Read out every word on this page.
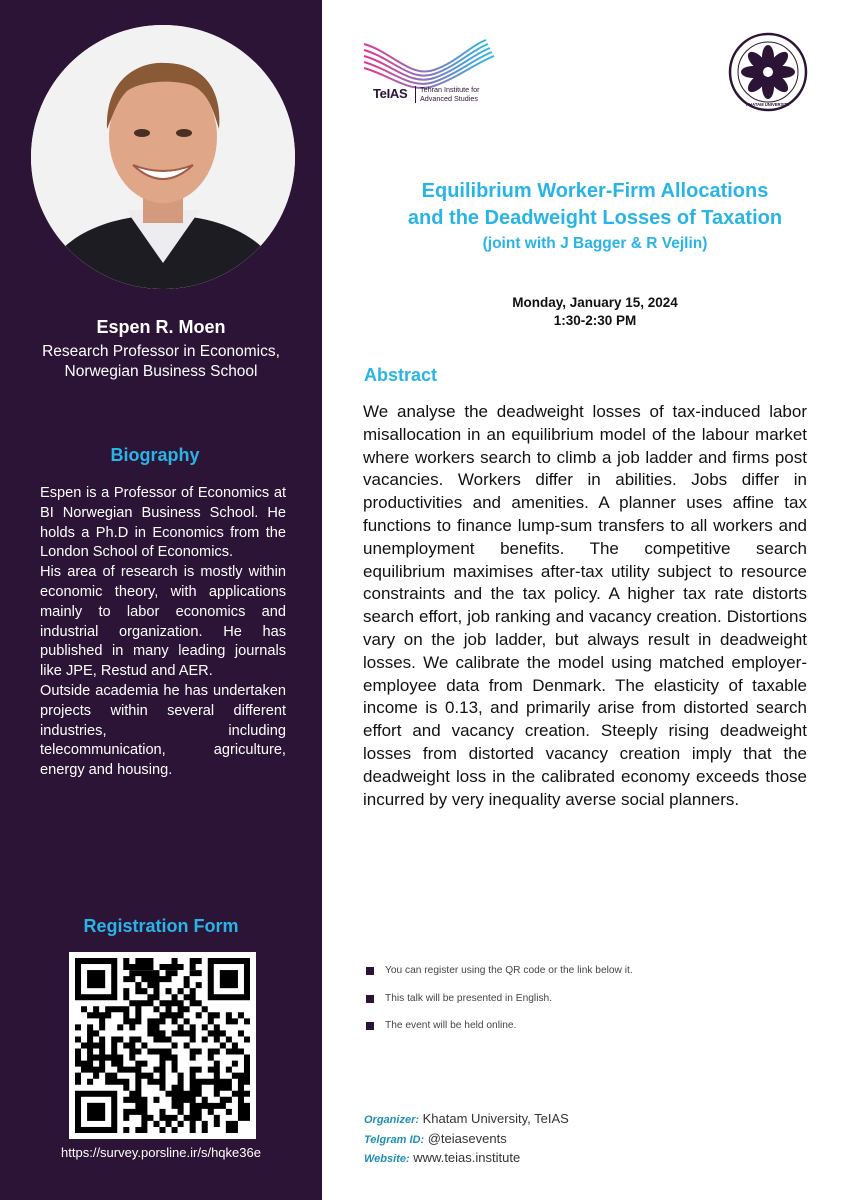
Espen R. Moen
Research Professor in Economics,
Norwegian Business School
Biography

Espen is a Professor of Economics at BI Norwegian Business School. He holds a Ph.D in Economics from the London School of Economics.

His area of research is mostly within economic theory, with applications mainly to labor economics and industrial organization. He has published in many leading journals like JPE, Restud and AER.

Outside academia he has undertaken projects within several different industries, including telecommunication, agriculture, energy and housing.

Registration Form
https://survey.porsline.ir/s/hqke36e
TeIAS Tehran Institute for
Advanced Studies
KHATAM UNIVERSITY
Equilibrium Worker-Firm Allocations
and the Deadweight Losses of Taxation
(joint with J Bagger & R Vejlin)
Monday, January 15, 2024
1:30-2:30 PM
Abstract

We analyse the deadweight losses of tax-induced labor misallocation in an equilibrium model of the labour market where workers search to climb a job ladder and firms post vacancies. Workers differ in abilities. Jobs differ in productivities and amenities. A planner uses affine tax functions to finance lump-sum transfers to all workers and unemployment benefits. The competitive search equilibrium maximises after-tax utility subject to resource constraints and the tax policy. A higher tax rate distorts search effort, job ranking and vacancy creation. Distortions vary on the job ladder, but always result in deadweight losses. We calibrate the model using matched employer-employee data from Denmark. The elasticity of taxable income is 0.13, and primarily arise from distorted search effort and vacancy creation. Steeply rising deadweight losses from distorted vacancy creation imply that the deadweight loss in the calibrated economy exceeds those incurred by very inequality averse social planners.

You can register using the QR code or the link below it.
This talk will be presented in English.
The event will be held online.
Organizer: Khatam University, TeIAS
Telgram ID: @teiasevents
Website: www.teias.institute
